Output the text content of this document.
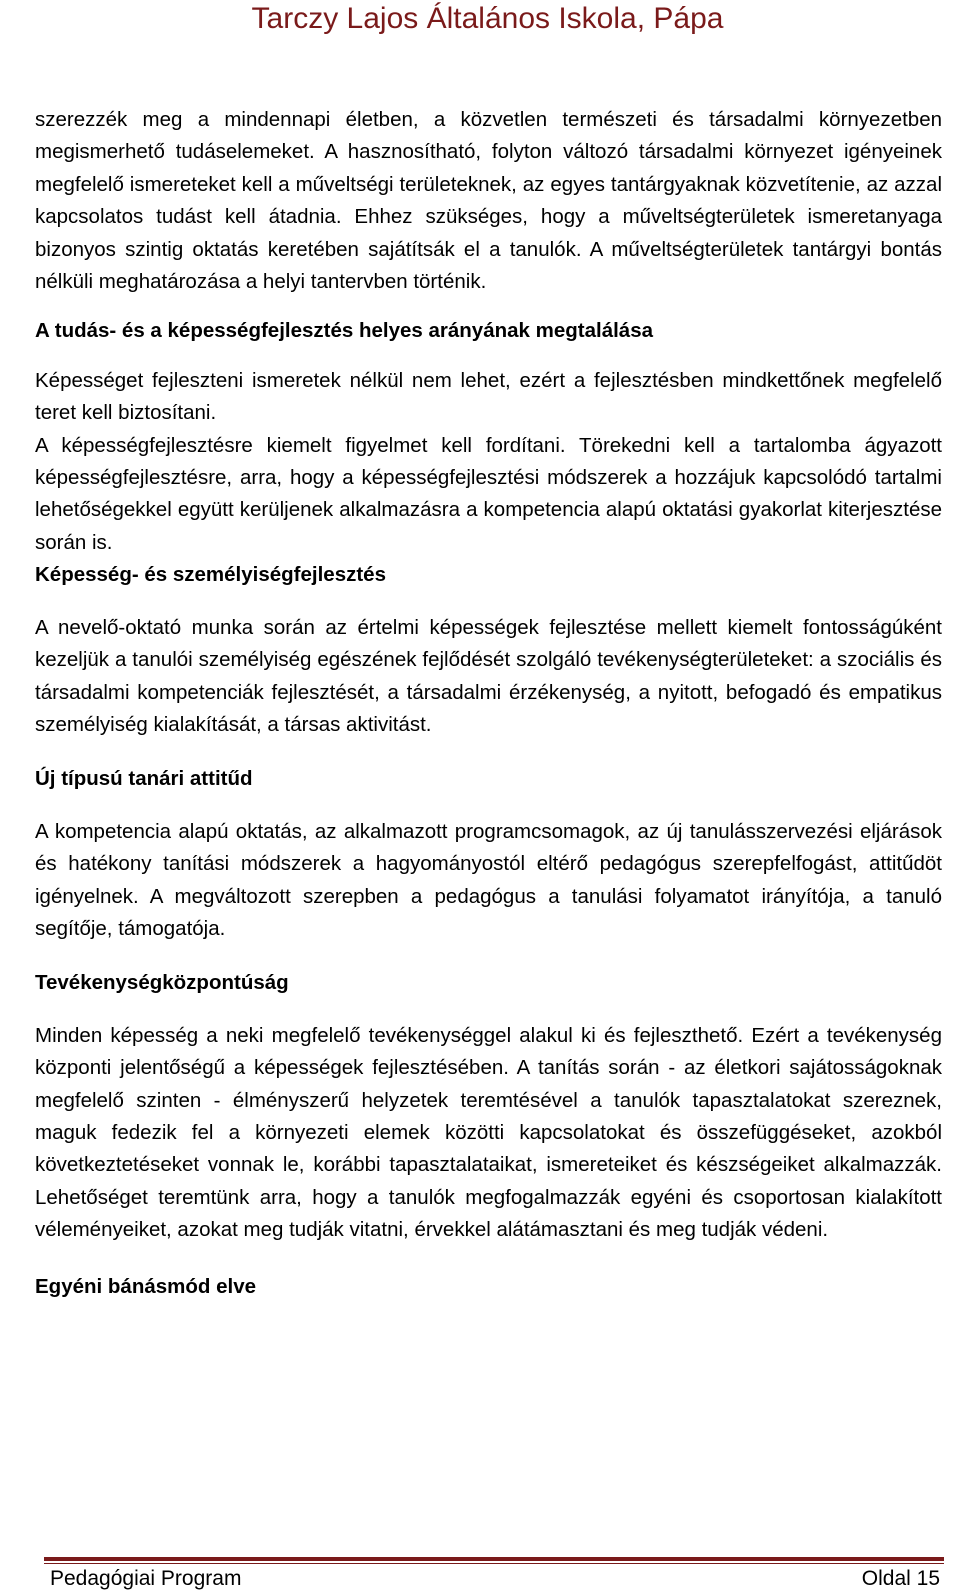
Tarczy Lajos Általános Iskola, Pápa

szerezzék meg a mindennapi életben, a közvetlen természeti és társadalmi környezetben megismerhető tudáselemeket. A hasznosítható, folyton változó társadalmi környezet igényeinek megfelelő ismereteket kell a műveltségi területeknek, az egyes tantárgyaknak közvetítenie, az azzal kapcsolatos tudást kell átadnia. Ehhez szükséges, hogy a műveltségterületek ismeretanyaga bizonyos szintig oktatás keretében sajátítsák el a tanulók. A műveltségterületek tantárgyi bontás nélküli meghatározása a helyi tantervben történik.

A tudás- és a képességfejlesztés helyes arányának megtalálása

Képességet fejleszteni ismeretek nélkül nem lehet, ezért a fejlesztésben mindkettőnek megfelelő teret kell biztosítani.

A képességfejlesztésre kiemelt figyelmet kell fordítani. Törekedni kell a tartalomba ágyazott képességfejlesztésre, arra, hogy a képességfejlesztési módszerek a hozzájuk kapcsolódó tartalmi lehetőségekkel együtt kerüljenek alkalmazásra a kompetencia alapú oktatási gyakorlat kiterjesztése során is.

Képesség- és személyiségfejlesztés

A nevelő-oktató munka során az értelmi képességek fejlesztése mellett kiemelt fontosságúként kezeljük a tanulói személyiség egészének fejlődését szolgáló tevékenységterületeket: a szociális és társadalmi kompetenciák fejlesztését, a társadalmi érzékenység, a nyitott, befogadó és empatikus személyiség kialakítását, a társas aktivitást.

Új típusú tanári attitűd

A kompetencia alapú oktatás, az alkalmazott programcsomagok, az új tanulásszervezési eljárások és hatékony tanítási módszerek a hagyományostól eltérő pedagógus szerepfelfogást, attitűdöt igényelnek. A megváltozott szerepben a pedagógus a tanulási folyamatot irányítója, a tanuló segítője, támogatója.

Tevékenységközpontúság

Minden képesség a neki megfelelő tevékenységgel alakul ki és fejleszthető. Ezért a tevékenység központi jelentőségű a képességek fejlesztésében. A tanítás során - az életkori sajátosságoknak megfelelő szinten - élményszerű helyzetek teremtésével a tanulók tapasztalatokat szereznek, maguk fedezik fel a környezeti elemek közötti kapcsolatokat és összefüggéseket, azokból következtetéseket vonnak le, korábbi tapasztalataikat, ismereteiket és készségeiket alkalmazzák. Lehetőséget teremtünk arra, hogy a tanulók megfogalmazzák egyéni és csoportosan kialakított véleményeiket, azokat meg tudják vitatni, érvekkel alátámasztani és meg tudják védeni.

Egyéni bánásmód elve

Pedagógiai Program	Oldal 15
